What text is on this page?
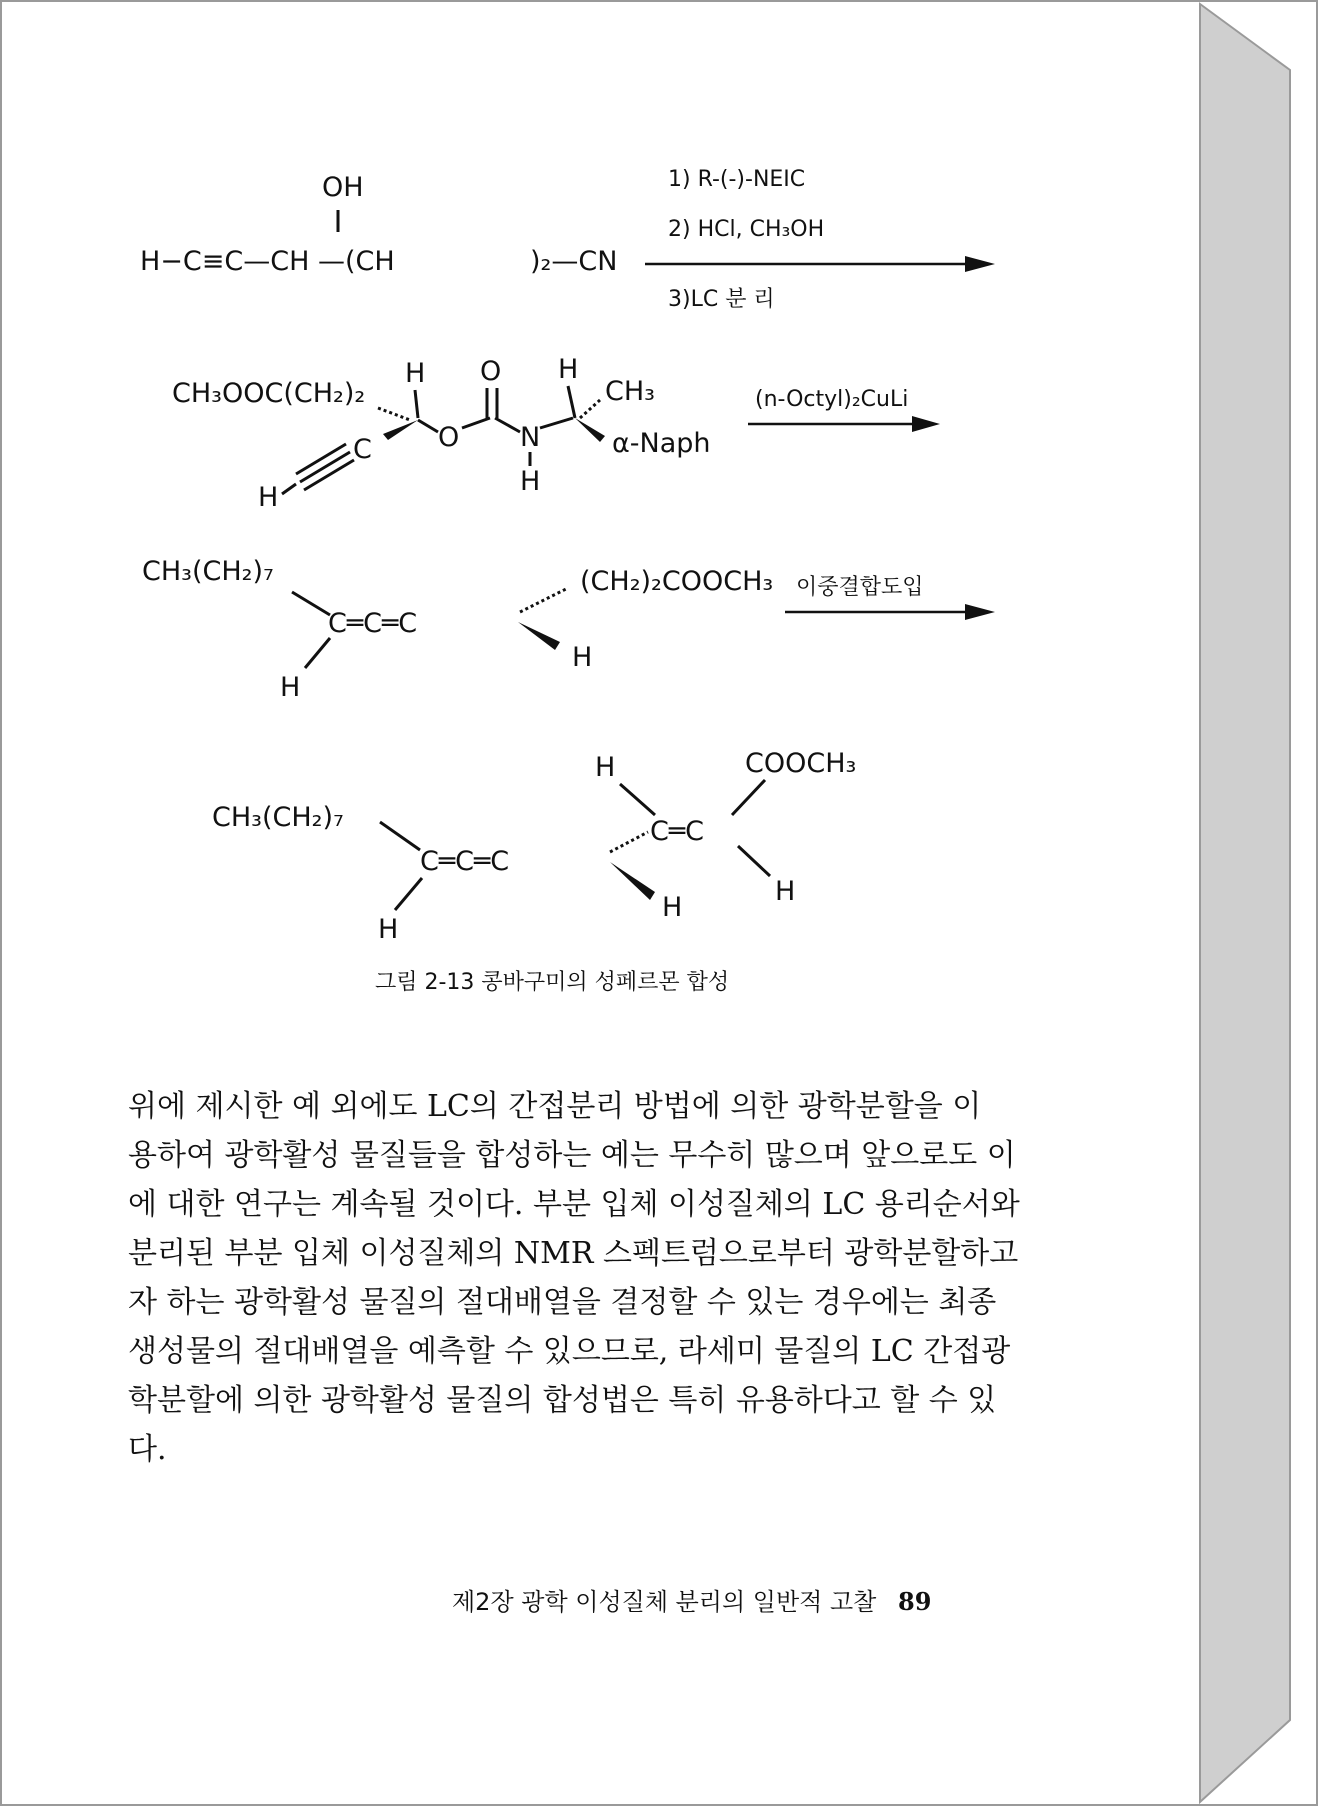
OH
H−C≡C—CH —(CH	)₂—CN
1) R-(-)-NEIC
2) HCl, CH₃OH
3)LC 분 리
CH₃OOC(CH₂)₂
H O H
CH₃
O N	α-Naph
H
C
H
(n-Octyl)₂CuLi
CH₃(CH₂)₇
C═C═C
H
(CH₂)₂COOCH₃
H
이중결합도입
COOCH₃
H
C═C
H
CH₃(CH₂)₇
C═C═C
H
H
그림 2-13 콩바구미의 성페르몬 합성
위에 제시한 예 외에도 LC의 간접분리 방법에 의한 광학분할을 이
용하여 광학활성 물질들을 합성하는 예는 무수히 많으며 앞으로도 이
에 대한 연구는 계속될 것이다. 부분 입체 이성질체의 LC 용리순서와
분리된 부분 입체 이성질체의 NMR 스펙트럼으로부터 광학분할하고
자 하는 광학활성 물질의 절대배열을 결정할 수 있는 경우에는 최종
생성물의 절대배열을 예측할 수 있으므로, 라세미 물질의 LC 간접광
학분할에 의한 광학활성 물질의 합성법은 특히 유용하다고 할 수 있
다.
제2장 광학 이성질체 분리의 일반적 고찰 89
